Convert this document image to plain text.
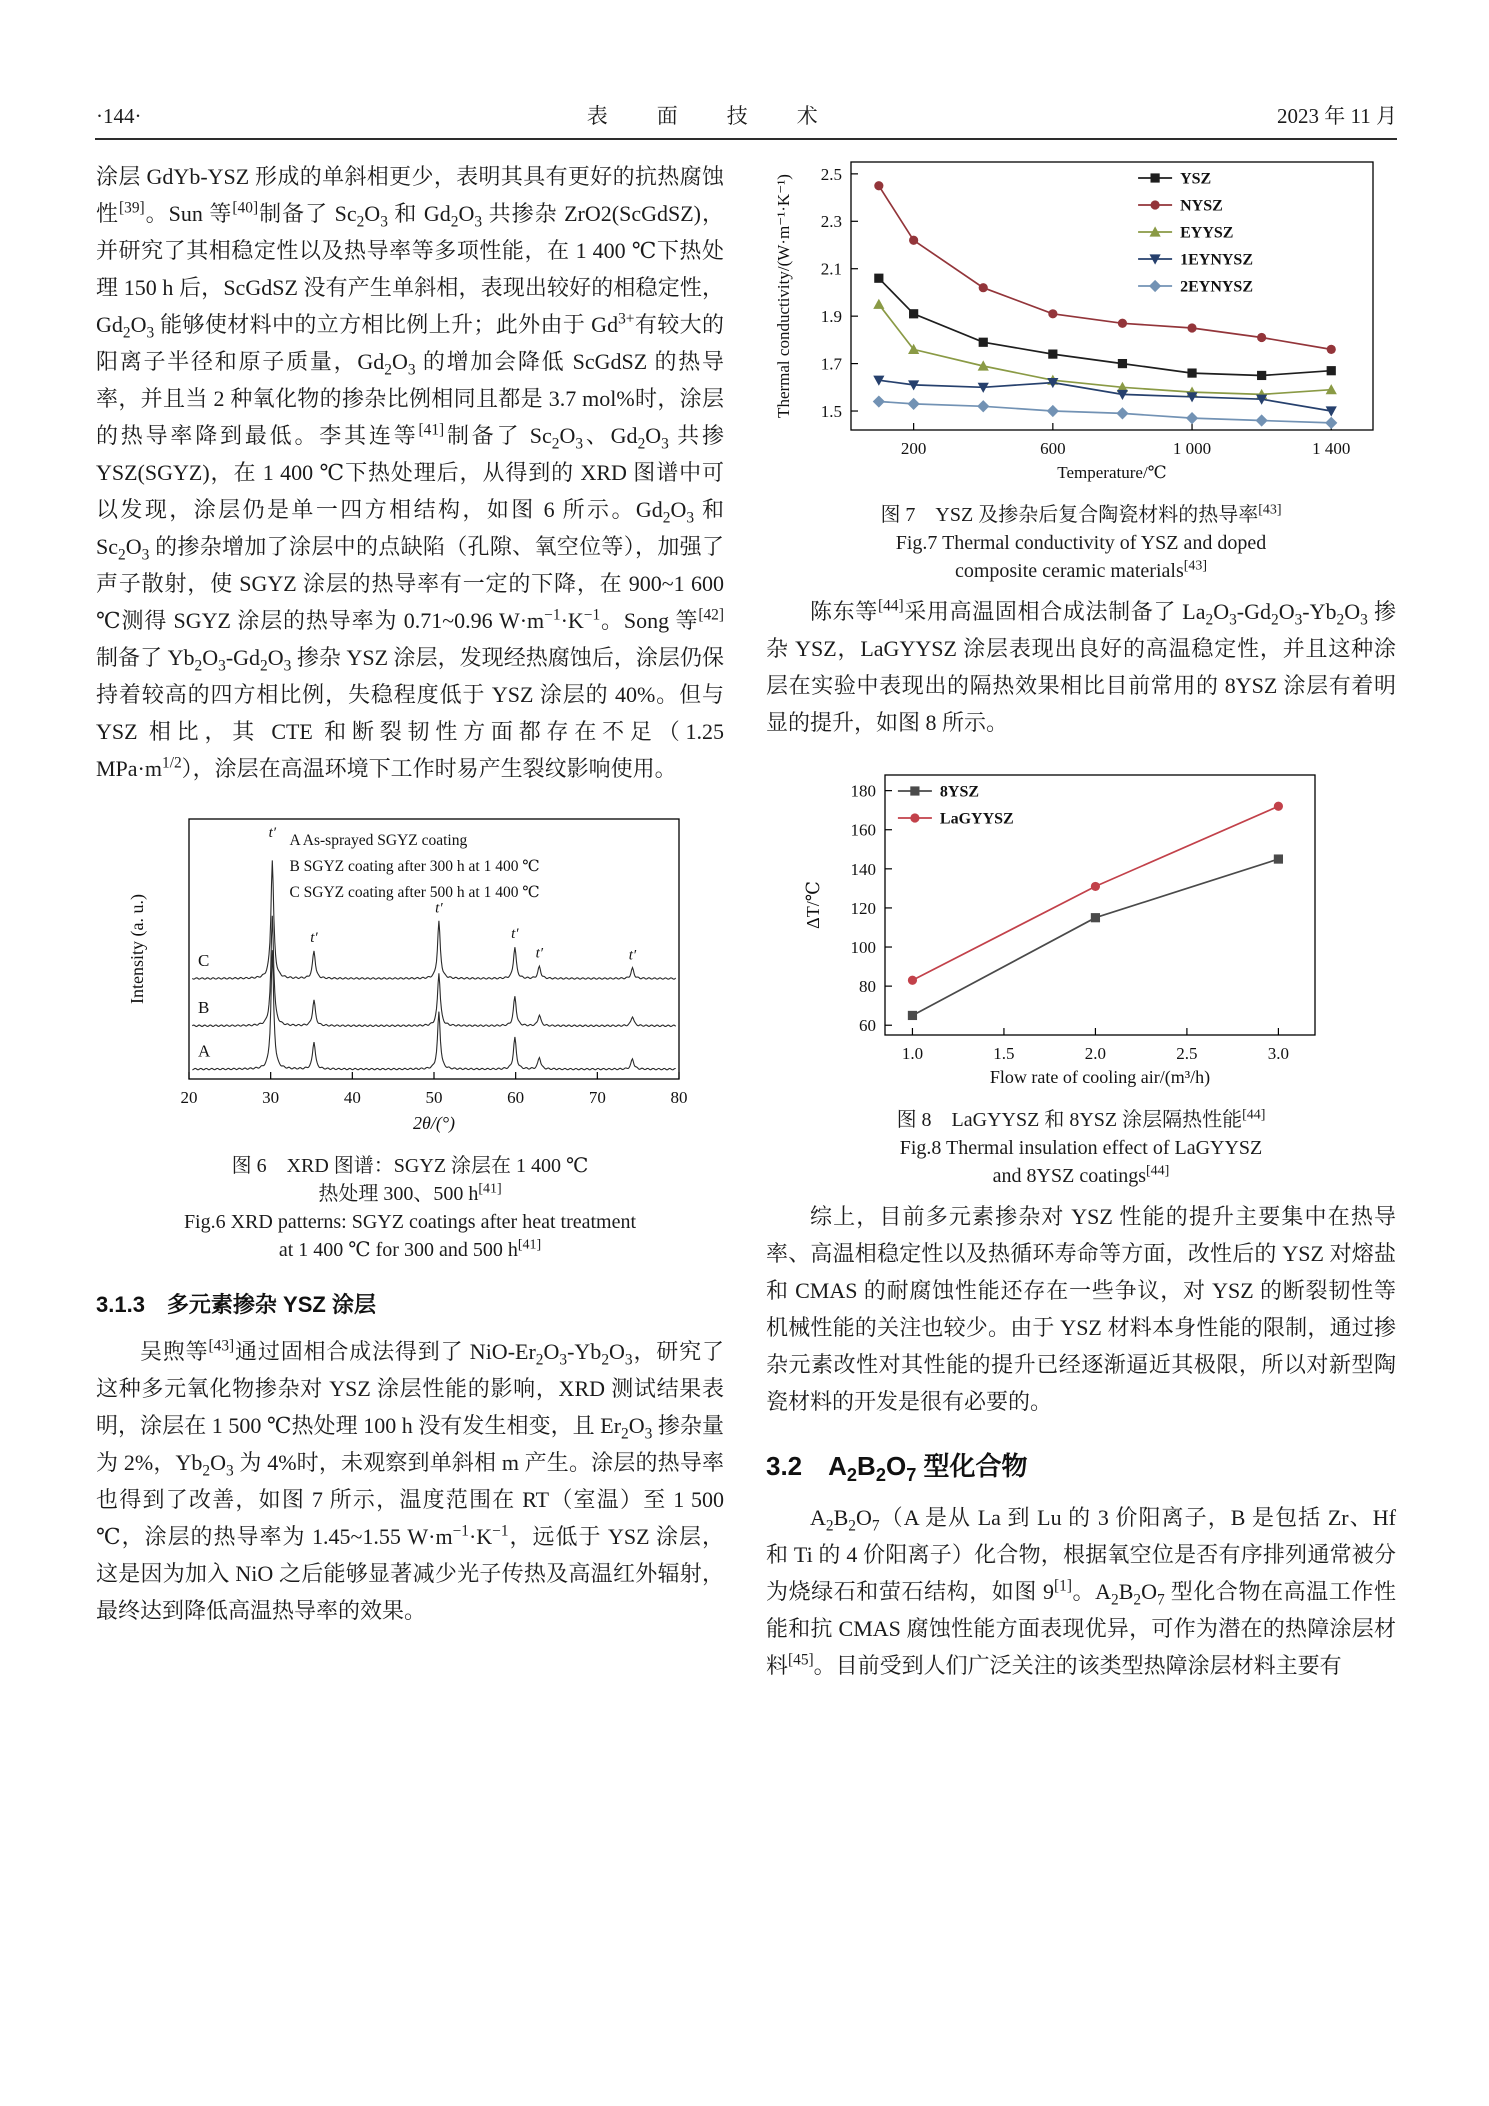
·144·	表　面　技　术	2023 年 11 月

涂层 GdYb-YSZ 形成的单斜相更少，表明其具有更好的抗热腐蚀性[39]。Sun 等[40]制备了 $Sc_2O_3$ 和 $Gd_2O_3$ 共掺杂 ZrO2(ScGdSZ)，并研究了其相稳定性以及热导率等多项性能，在 1 400 ℃下热处理 150 h 后，ScGdSZ 没有产生单斜相，表现出较好的相稳定性，$Gd_2O_3$ 能够使材料中的立方相比例上升；此外由于 $Gd^{3+}$有较大的阳离子半径和原子质量，$Gd_2O_3$ 的增加会降低 ScGdSZ 的热导率，并且当 2 种氧化物的掺杂比例相同且都是 3.7 mol%时，涂层的热导率降到最低。李其连等[41]制备了 $Sc_2O_3$、$Gd_2O_3$ 共掺 YSZ(SGYZ)，在 1 400 ℃下热处理后，从得到的 XRD 图谱中可以发现，涂层仍是单一四方相结构，如图 6 所示。$Gd_2O_3$ 和 $Sc_2O_3$ 的掺杂增加了涂层中的点缺陷（孔隙、氧空位等），加强了声子散射，使 SGYZ 涂层的热导率有一定的下降，在 900~1 600 ℃测得 SGYZ 涂层的热导率为 0.71~0.96 $W\cdot m^{-1}\cdot K^{-1}$。Song 等[42]制备了 $Yb_2O_3-Gd_2O_3$ 掺杂 YSZ 涂层，发现经热腐蚀后，涂层仍保持着较高的四方相比例，失稳程度低于 YSZ 涂层的 40%。但与 YSZ 相比，其 CTE 和断裂韧性方面都存在不足（1.25 $MPa\cdot m^{1/2}$），涂层在高温环境下工作时易产生裂纹影响使用。

20	30	40	50	60	70	80
2θ/(°)
Intensity (a. u.)
A
B
C
t′
t′
t′
t′
t′	t′
A As-sprayed SGYZ coating
B SGYZ coating after 300 h at 1 400 ℃
C SGYZ coating after 500 h at 1 400 ℃
图 6　XRD 图谱：SGYZ 涂层在 1 400 ℃
热处理 300、500 h[41]
Fig.6 XRD patterns: SGYZ coatings after heat treatment
at 1 400 ℃ for 300 and 500 h[41]
3.1.3　多元素掺杂 YSZ 涂层

吴煦等[43]通过固相合成法得到了 NiO-$Er_2O_3-Yb_2O_3$，研究了这种多元氧化物掺杂对 YSZ 涂层性能的影响，XRD 测试结果表明，涂层在 1 500 ℃热处理 100 h 没有发生相变，且 $Er_2O_3$ 掺杂量为 2%，$Yb_2O_3$ 为 4%时，未观察到单斜相 m 产生。涂层的热导率也得到了改善，如图 7 所示，温度范围在 RT（室温）至 1 500 ℃，涂层的热导率为 1.45~1.55 $W\cdot m^{-1}\cdot K^{-1}$，远低于 YSZ 涂层，这是因为加入 NiO 之后能够显著减少光子传热及高温红外辐射，最终达到降低高温热导率的效果。

200	600	1 000	1 400
1.5
1.7
1.9
2.1
2.3
2.5
Temperature/℃
Thermal conductivity/(W·m⁻¹·K⁻¹)	YSZ
NYSZ
EYYSZ
1EYNYSZ
2EYNYSZ
图 7　YSZ 及掺杂后复合陶瓷材料的热导率[43]
Fig.7 Thermal conductivity of YSZ and doped
composite ceramic materials[43]

陈东等[44]采用高温固相合成法制备了 $La_2O_3-Gd_2O_3-Yb_2O_3$ 掺杂 YSZ，LaGYYSZ 涂层表现出良好的高温稳定性，并且这种涂层在实验中表现出的隔热效果相比目前常用的 8YSZ 涂层有着明显的提升，如图 8 所示。

1.0	1.5	2.0	2.5	3.0
60
80
100
120
140
160
180
Flow rate of cooling air/(m³/h)
ΔT/℃
8YSZ
LaGYYSZ
图 8　LaGYYSZ 和 8YSZ 涂层隔热性能[44]
Fig.8 Thermal insulation effect of LaGYYSZ
and 8YSZ coatings[44]

综上，目前多元素掺杂对 YSZ 性能的提升主要集中在热导率、高温相稳定性以及热循环寿命等方面，改性后的 YSZ 对熔盐和 CMAS 的耐腐蚀性能还存在一些争议，对 YSZ 的断裂韧性等机械性能的关注也较少。由于 YSZ 材料本身性能的限制，通过掺杂元素改性对其性能的提升已经逐渐逼近其极限，所以对新型陶瓷材料的开发是很有必要的。

3.2　$A_2B_2O_7$ 型化合物

$A_2B_2O_7(A$ 是从 La 到 Lu 的 3 价阳离子，B 是包括 Zr、Hf 和 Ti 的 4 价阳离子）化合物，根据氧空位是否有序排列通常被分为烧绿石和萤石结构，如图 9[1]。$A_2B_2O_7$ 型化合物在高温工作性能和抗 CMAS 腐蚀性能方面表现优异，可作为潜在的热障涂层材料[45]。目前受到人们广泛关注的该类型热障涂层材料主要有
